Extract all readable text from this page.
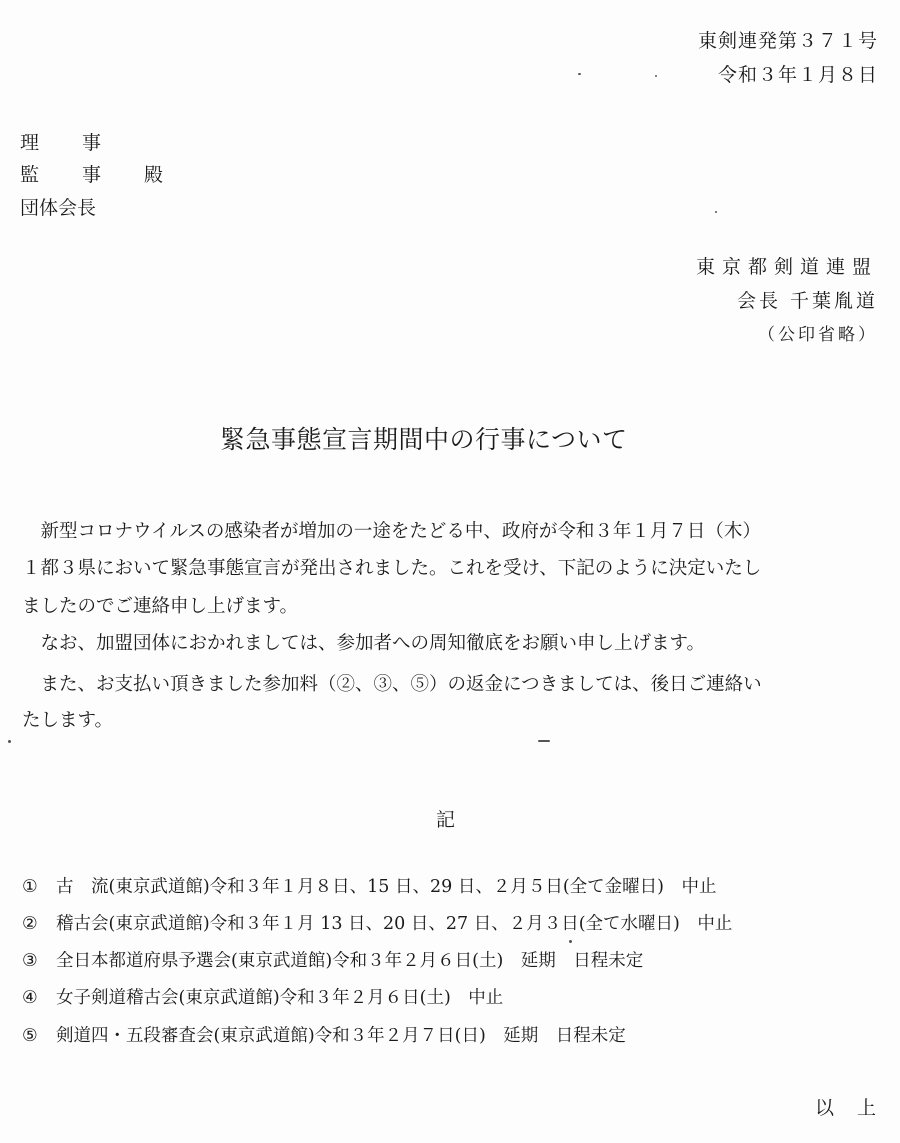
東剣連発第３７１号
令和３年１月８日
理 事
監 事 殿
団体会長
東京都剣道連盟
会長 千葉胤道
（公印省略）
緊急事態宣言期間中の行事について
　新型コロナウイルスの感染者が増加の一途をたどる中、政府が令和３年１月７日（木）
１都３県において緊急事態宣言が発出されました。これを受け、下記のように決定いたし
ましたのでご連絡申し上げます。
　なお、加盟団体におかれましては、参加者への周知徹底をお願い申し上げます。
　また、お支払い頂きました参加料（②、③、⑤）の返金につきましては、後日ご連絡い
たします。
記
① 古　流(東京武道館)令和３年１月８日、15 日、29 日、２月５日(全て金曜日)　中止
② 稽古会(東京武道館)令和３年１月 13 日、20 日、27 日、２月３日(全て水曜日)　中止
③ 全日本都道府県予選会(東京武道館)令和３年２月６日(土)　延期　日程未定
④ 女子剣道稽古会(東京武道館)令和３年２月６日(土)　中止
⑤ 剣道四・五段審査会(東京武道館)令和３年２月７日(日)　延期　日程未定
以　上
